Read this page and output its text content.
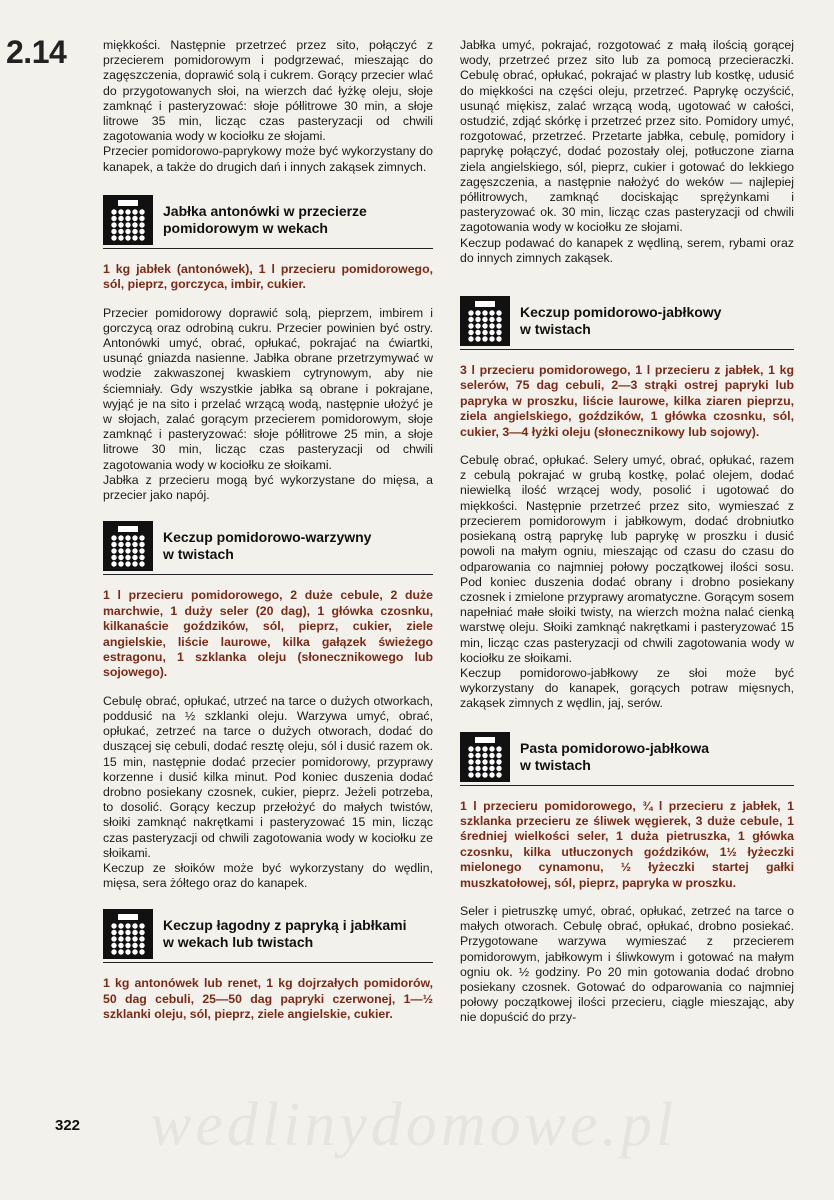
2.14
322 wedlinydomowe.pl

miękkości. Następnie przetrzeć przez sito, połączyć z przecierem pomidorowym i podgrzewać, mieszając do zagęszczenia, doprawić solą i cukrem. Gorący przecier wlać do przygotowanych słoi, na wierzch dać łyżkę oleju, słoje zamknąć i pasteryzować: słoje półlitrowe 30 min, a słoje litrowe 35 min, licząc czas pasteryzacji od chwili zagotowania wody w kociołku ze słojami.

Przecier pomidorowo-paprykowy może być wykorzystany do kanapek, a także do drugich dań i innych zakąsek zimnych.

Jabłka antonówki w przecierze
pomidorowym w wekach

1 kg jabłek (antonówek), 1 l przecieru pomidorowego, sól, pieprz, gorczyca, imbir, cukier.

Przecier pomidorowy doprawić solą, pieprzem, imbirem i gorczycą oraz odrobiną cukru. Przecier powinien być ostry. Antonówki umyć, obrać, opłukać, pokrajać na ćwiartki, usunąć gniazda nasienne. Jabłka obrane przetrzymywać w wodzie zakwaszonej kwaskiem cytrynowym, aby nie ściemniały. Gdy wszystkie jabłka są obrane i pokrajane, wyjąć je na sito i przelać wrzącą wodą, następnie ułożyć je w słojach, zalać gorącym przecierem pomidorowym, słoje zamknąć i pasteryzować: słoje półlitrowe 25 min, a słoje litrowe 30 min, licząc czas pasteryzacji od chwili zagotowania wody w kociołku ze słoikami.

Jabłka z przecieru mogą być wykorzystane do mięsa, a przecier jako napój.

Keczup pomidorowo-warzywny
w twistach

1 l przecieru pomidorowego, 2 duże cebule, 2 duże marchwie, 1 duży seler (20 dag), 1 główka czosnku, kilkanaście goździków, sól, pieprz, cukier, ziele angielskie, liście laurowe, kilka gałązek świeżego estragonu, 1 szklanka oleju (słonecznikowego lub sojowego).

Cebulę obrać, opłukać, utrzeć na tarce o dużych otworkach, poddusić na ½ szklanki oleju. Warzywa umyć, obrać, opłukać, zetrzeć na tarce o dużych otworach, dodać do duszącej się cebuli, dodać resztę oleju, sól i dusić razem ok. 15 min, następnie dodać przecier pomidorowy, przyprawy korzenne i dusić kilka minut. Pod koniec duszenia dodać drobno posiekany czosnek, cukier, pieprz. Jeżeli potrzeba, to dosolić. Gorący keczup przełożyć do małych twistów, słoiki zamknąć nakrętkami i pasteryzować 15 min, licząc czas pasteryzacji od chwili zagotowania wody w kociołku ze słoikami.

Keczup ze słoików może być wykorzystany do wędlin, mięsa, sera żółtego oraz do kanapek.

Keczup łagodny z papryką i jabłkami
w wekach lub twistach

1 kg antonówek lub renet, 1 kg dojrzałych pomidorów, 50 dag cebuli, 25—50 dag papryki czerwonej, 1—½ szklanki oleju, sól, pieprz, ziele angielskie, cukier.

Jabłka umyć, pokrajać, rozgotować z małą ilością gorącej wody, przetrzeć przez sito lub za pomocą przecieraczki. Cebulę obrać, opłukać, pokrajać w plastry lub kostkę, udusić do miękkości na części oleju, przetrzeć. Paprykę oczyścić, usunąć miękisz, zalać wrzącą wodą, ugotować w całości, ostudzić, zdjąć skórkę i przetrzeć przez sito. Pomidory umyć, rozgotować, przetrzeć. Przetarte jabłka, cebulę, pomidory i paprykę połączyć, dodać pozostały olej, potłuczone ziarna ziela angielskiego, sól, pieprz, cukier i gotować do lekkiego zagęszczenia, a następnie nałożyć do weków — najlepiej półlitrowych, zamknąć dociskając sprężynkami i pasteryzować ok. 30 min, licząc czas pasteryzacji od chwili zagotowania wody w kociołku ze słojami.

Keczup podawać do kanapek z wędliną, serem, rybami oraz do innych zimnych zakąsek.

Keczup pomidorowo-jabłkowy
w twistach

3 l przecieru pomidorowego, 1 l przecieru z jabłek, 1 kg selerów, 75 dag cebuli, 2—3 strąki ostrej papryki lub papryka w proszku, liście laurowe, kilka ziaren pieprzu, ziela angielskiego, goździków, 1 główka czosnku, sól, cukier, 3—4 łyżki oleju (słonecznikowy lub sojowy).

Cebulę obrać, opłukać. Selery umyć, obrać, opłukać, razem z cebulą pokrajać w grubą kostkę, polać olejem, dodać niewielką ilość wrzącej wody, posolić i ugotować do miękkości. Następnie przetrzeć przez sito, wymieszać z przecierem pomidorowym i jabłkowym, dodać drobniutko posiekaną ostrą paprykę lub paprykę w proszku i dusić powoli na małym ogniu, mieszając od czasu do czasu do odparowania co najmniej połowy początkowej ilości sosu. Pod koniec duszenia dodać obrany i drobno posiekany czosnek i zmielone przyprawy aromatyczne. Gorącym sosem napełniać małe słoiki twisty, na wierzch można nalać cienką warstwę oleju. Słoiki zamknąć nakrętkami i pasteryzować 15 min, licząc czas pasteryzacji od chwili zagotowania wody w kociołku ze słoikami.

Keczup pomidorowo-jabłkowy ze słoi może być wykorzystany do kanapek, gorących potraw mięsnych, zakąsek zimnych z wędlin, jaj, serów.

Pasta pomidorowo-jabłkowa
w twistach

1 l przecieru pomidorowego, ¾ l przecieru z jabłek, 1 szklanka przecieru ze śliwek węgierek, 3 duże cebule, 1 średniej wielkości seler, 1 duża pietruszka, 1 główka czosnku, kilka utłuczonych goździków, 1½ łyżeczki mielonego cynamonu, ½ łyżeczki startej gałki muszkatołowej, sól, pieprz, papryka w proszku.

Seler i pietruszkę umyć, obrać, opłukać, zetrzeć na tarce o małych otworach. Cebulę obrać, opłukać, drobno posiekać. Przygotowane warzywa wymieszać z przecierem pomidorowym, jabłkowym i śliwkowym i gotować na małym ogniu ok. ½ godziny. Po 20 min gotowania dodać drobno posiekany czosnek. Gotować do odparowania co najmniej połowy początkowej ilości przecieru, ciągle mieszając, aby nie dopuścić do przy-
